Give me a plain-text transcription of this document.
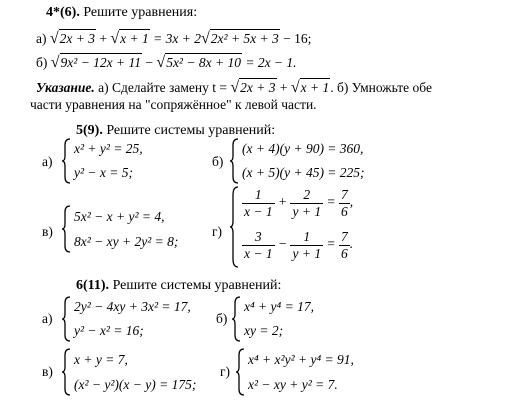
4*(6). Решите уравнения:
а) √2x + 3 + √x + 1 = 3x + 2√2x² + 5x + 3 − 16;
б) √9x² − 12x + 11 − √5x² − 8x + 10 = 2x − 1.
Указание. а) Сделайте замену t = √2x + 3 + √x + 1. б) Умножьте обе
части уравнения на "сопряжённое" к левой части.
5(9). Решите системы уравнений:
а)
x² + y² = 25,
y² − x = 5;
б)
(x + 4)(y + 90) = 360,
(x + 5)(y + 45) = 225;
в)
5x² − x + y² = 4,
8x² − xy + 2y² = 8;
г)
$\frac{1}{x - 1} + \frac{2}{y + 1} = \frac{7}{6}$ ,
$\frac{3}{x - 1} - \frac{1}{y + 1} = \frac{7}{6}$ .
6(11). Решите системы уравнений:
а)
2y² − 4xy + 3x² = 17,
y² − x² = 16;
б)
x⁴ + y⁴ = 17,
xy = 2;
в)
x + y = 7,
(x² − y²)(x − y) = 175;
г)
x⁴ + x²y² + y⁴ = 91,
x² − xy + y² = 7.
